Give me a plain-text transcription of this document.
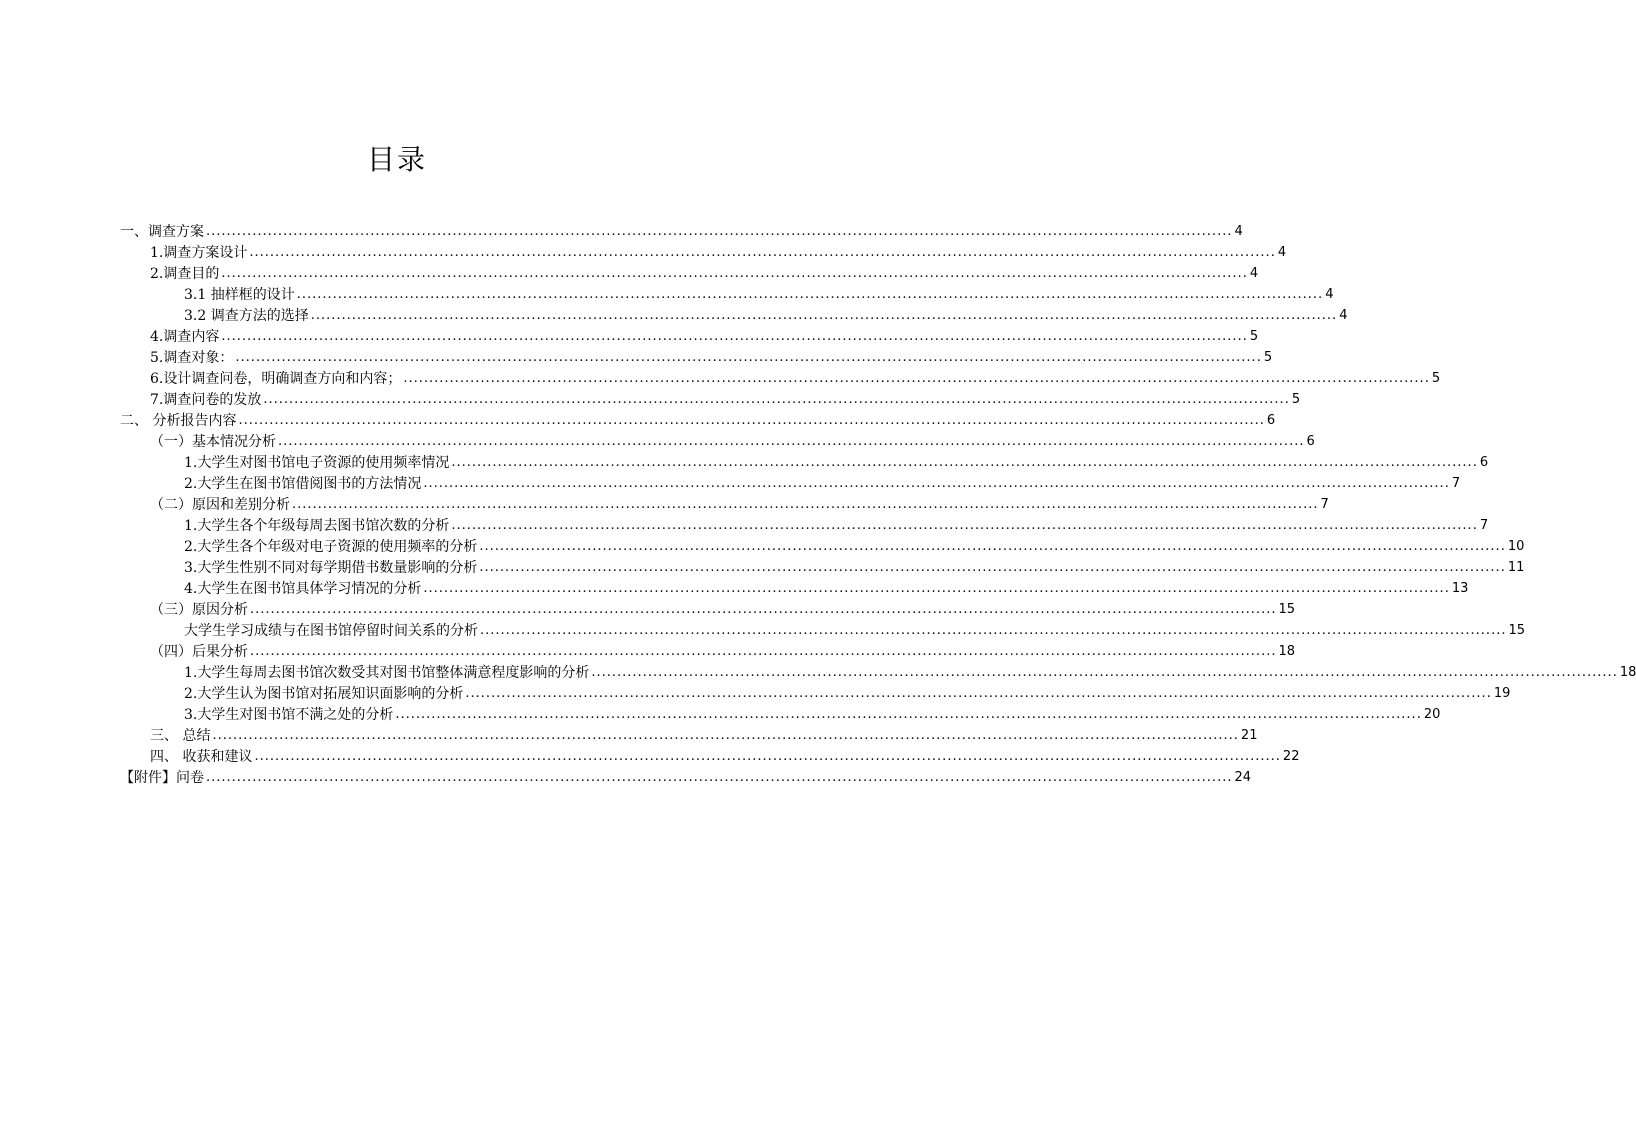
目录
一、调查方案 ........................................................................................................................................................................................................ 4
1.调查方案设计 ........................................................................................................................................................................................................ 4
2.调查目的 ........................................................................................................................................................................................................ 4
3.1 抽样框的设计 ........................................................................................................................................................................................................ 4
3.2 调查方法的选择 ........................................................................................................................................................................................................ 4
4.调查内容 ........................................................................................................................................................................................................ 5
5.调查对象： ........................................................................................................................................................................................................ 5
6.设计调查问卷，明确调查方向和内容； ........................................................................................................................................................................................................ 5
7.调查问卷的发放 ........................................................................................................................................................................................................ 5
二、 分析报告内容 ........................................................................................................................................................................................................ 6
（一）基本情况分析 ........................................................................................................................................................................................................ 6
1.大学生对图书馆电子资源的使用频率情况 ........................................................................................................................................................................................................ 6
2.大学生在图书馆借阅图书的方法情况 ........................................................................................................................................................................................................ 7
（二）原因和差别分析 ........................................................................................................................................................................................................ 7
1.大学生各个年级每周去图书馆次数的分析 ........................................................................................................................................................................................................ 7
2.大学生各个年级对电子资源的使用频率的分析 ........................................................................................................................................................................................................ 10
3.大学生性别不同对每学期借书数量影响的分析 ........................................................................................................................................................................................................ 11
4.大学生在图书馆具体学习情况的分析 ........................................................................................................................................................................................................ 13
（三）原因分析 ........................................................................................................................................................................................................ 15
大学生学习成绩与在图书馆停留时间关系的分析 ........................................................................................................................................................................................................ 15
（四）后果分析 ........................................................................................................................................................................................................ 18
1.大学生每周去图书馆次数受其对图书馆整体满意程度影响的分析 ........................................................................................................................................................................................................ 18
2.大学生认为图书馆对拓展知识面影响的分析 ........................................................................................................................................................................................................ 19
3.大学生对图书馆不满之处的分析 ........................................................................................................................................................................................................ 20
三、 总结 ........................................................................................................................................................................................................ 21
四、 收获和建议 ........................................................................................................................................................................................................ 22
【附件】问卷 ........................................................................................................................................................................................................ 24
